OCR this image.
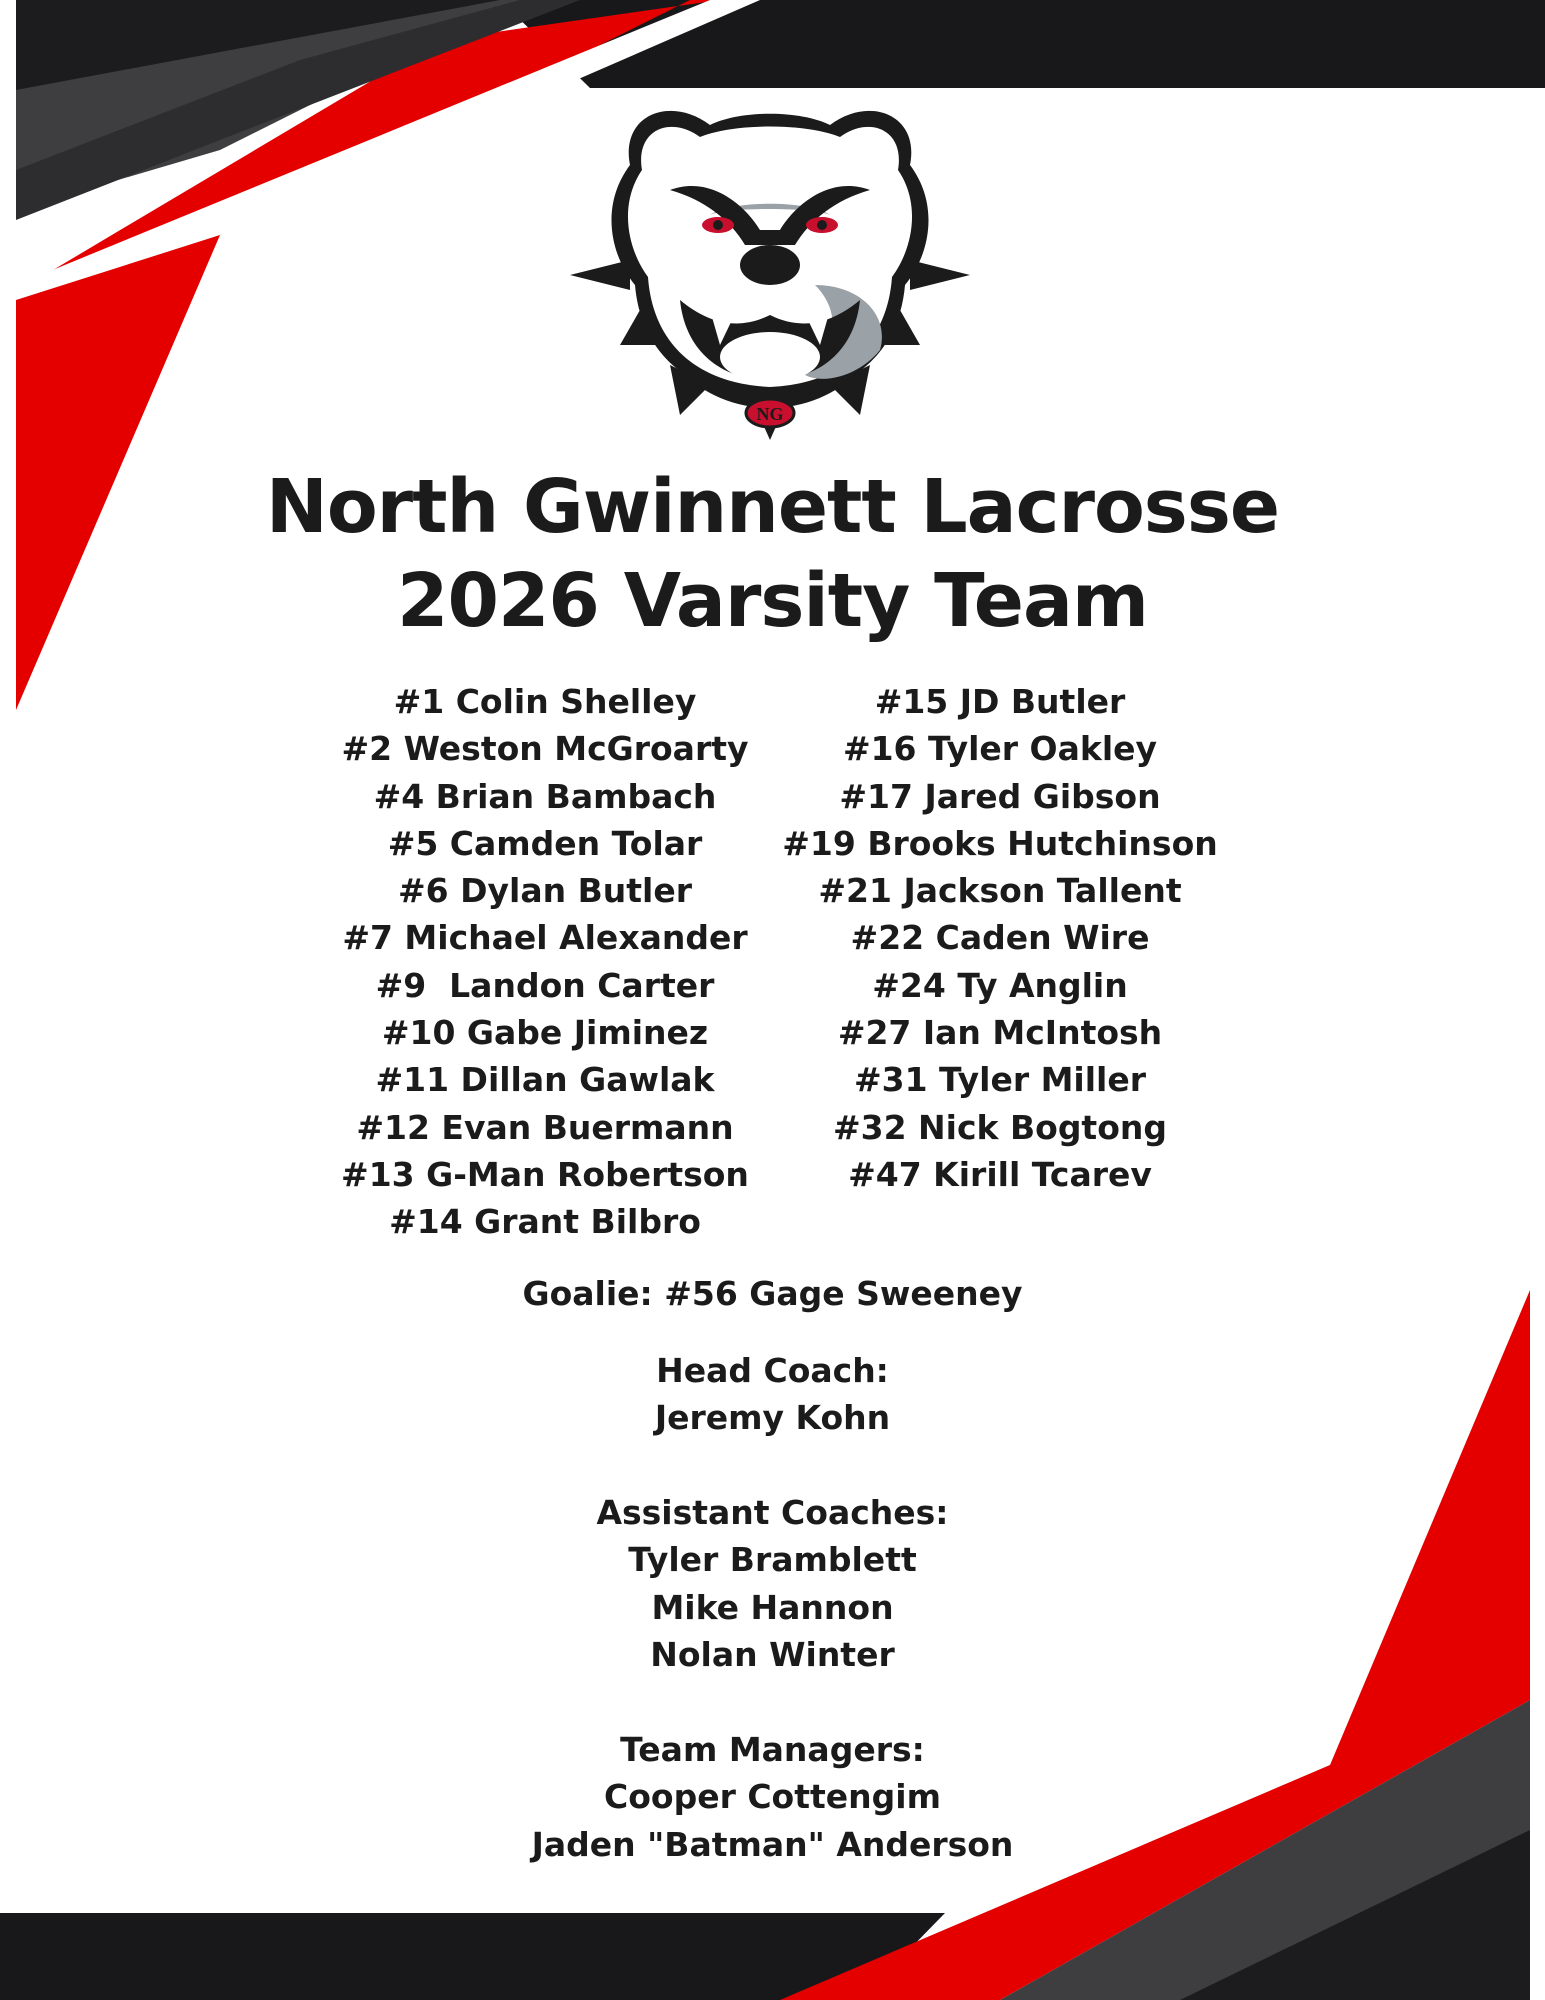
NG
North Gwinnett Lacrosse
2026 Varsity Team
#1 Colin Shelley
#2 Weston McGroarty
#4 Brian Bambach
#5 Camden Tolar
#6 Dylan Butler
#7 Michael Alexander
#9  Landon Carter
#10 Gabe Jiminez
#11 Dillan Gawlak
#12 Evan Buermann
#13 G-Man Robertson
#14 Grant Bilbro
#15 JD Butler
#16 Tyler Oakley
#17 Jared Gibson
#19 Brooks Hutchinson
#21 Jackson Tallent
#22 Caden Wire
#24 Ty Anglin
#27 Ian McIntosh
#31 Tyler Miller
#32 Nick Bogtong
#47 Kirill Tcarev
Goalie: #56 Gage Sweeney
Head Coach:
Jeremy Kohn
Assistant Coaches:
Tyler Bramblett
Mike Hannon
Nolan Winter
Team Managers:
Cooper Cottengim
Jaden "Batman" Anderson
